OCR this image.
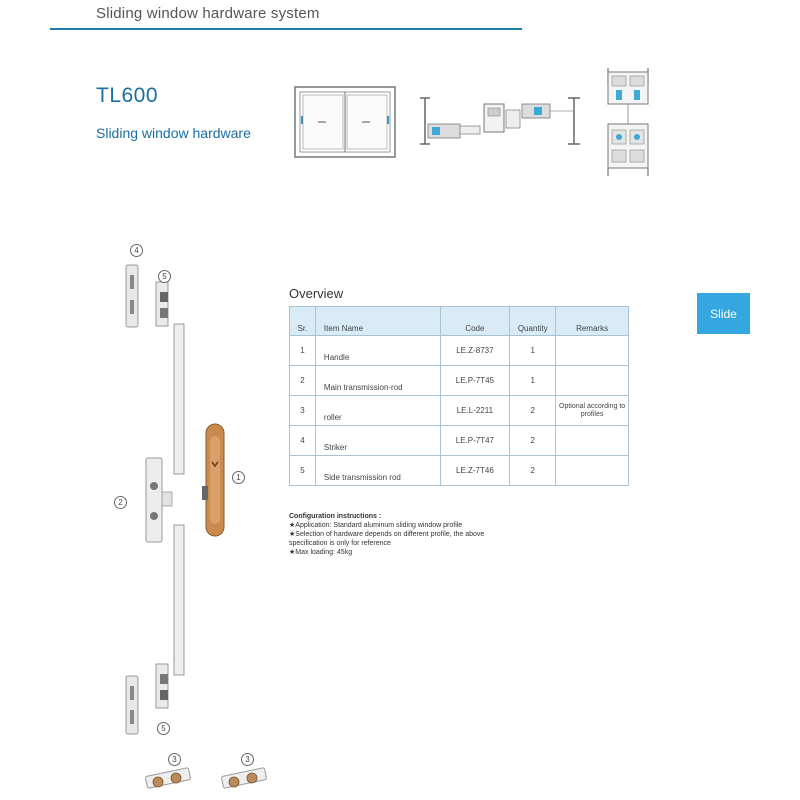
Sliding window hardware system
TL600
Sliding window hardware
Slide
4
5
2
1
5
3	3
Overview
Sr.	Item Name	Code	Quantity	Remarks
1	Handle	LE.Z-8737	1	
2	Main transmission-rod	LE.P-7T45	1	
3	roller	LE.L-2211	2	Optional according to profiles
4	Striker	LE.P-7T47	2	
5	Side transmission rod	LE.Z-7T46	2	
Configuration instructions :
★Application: Standard aluminum sliding window profile
★Selection of hardware depends on different profile, the above specification is only for reference
★Max loading: 45kg
